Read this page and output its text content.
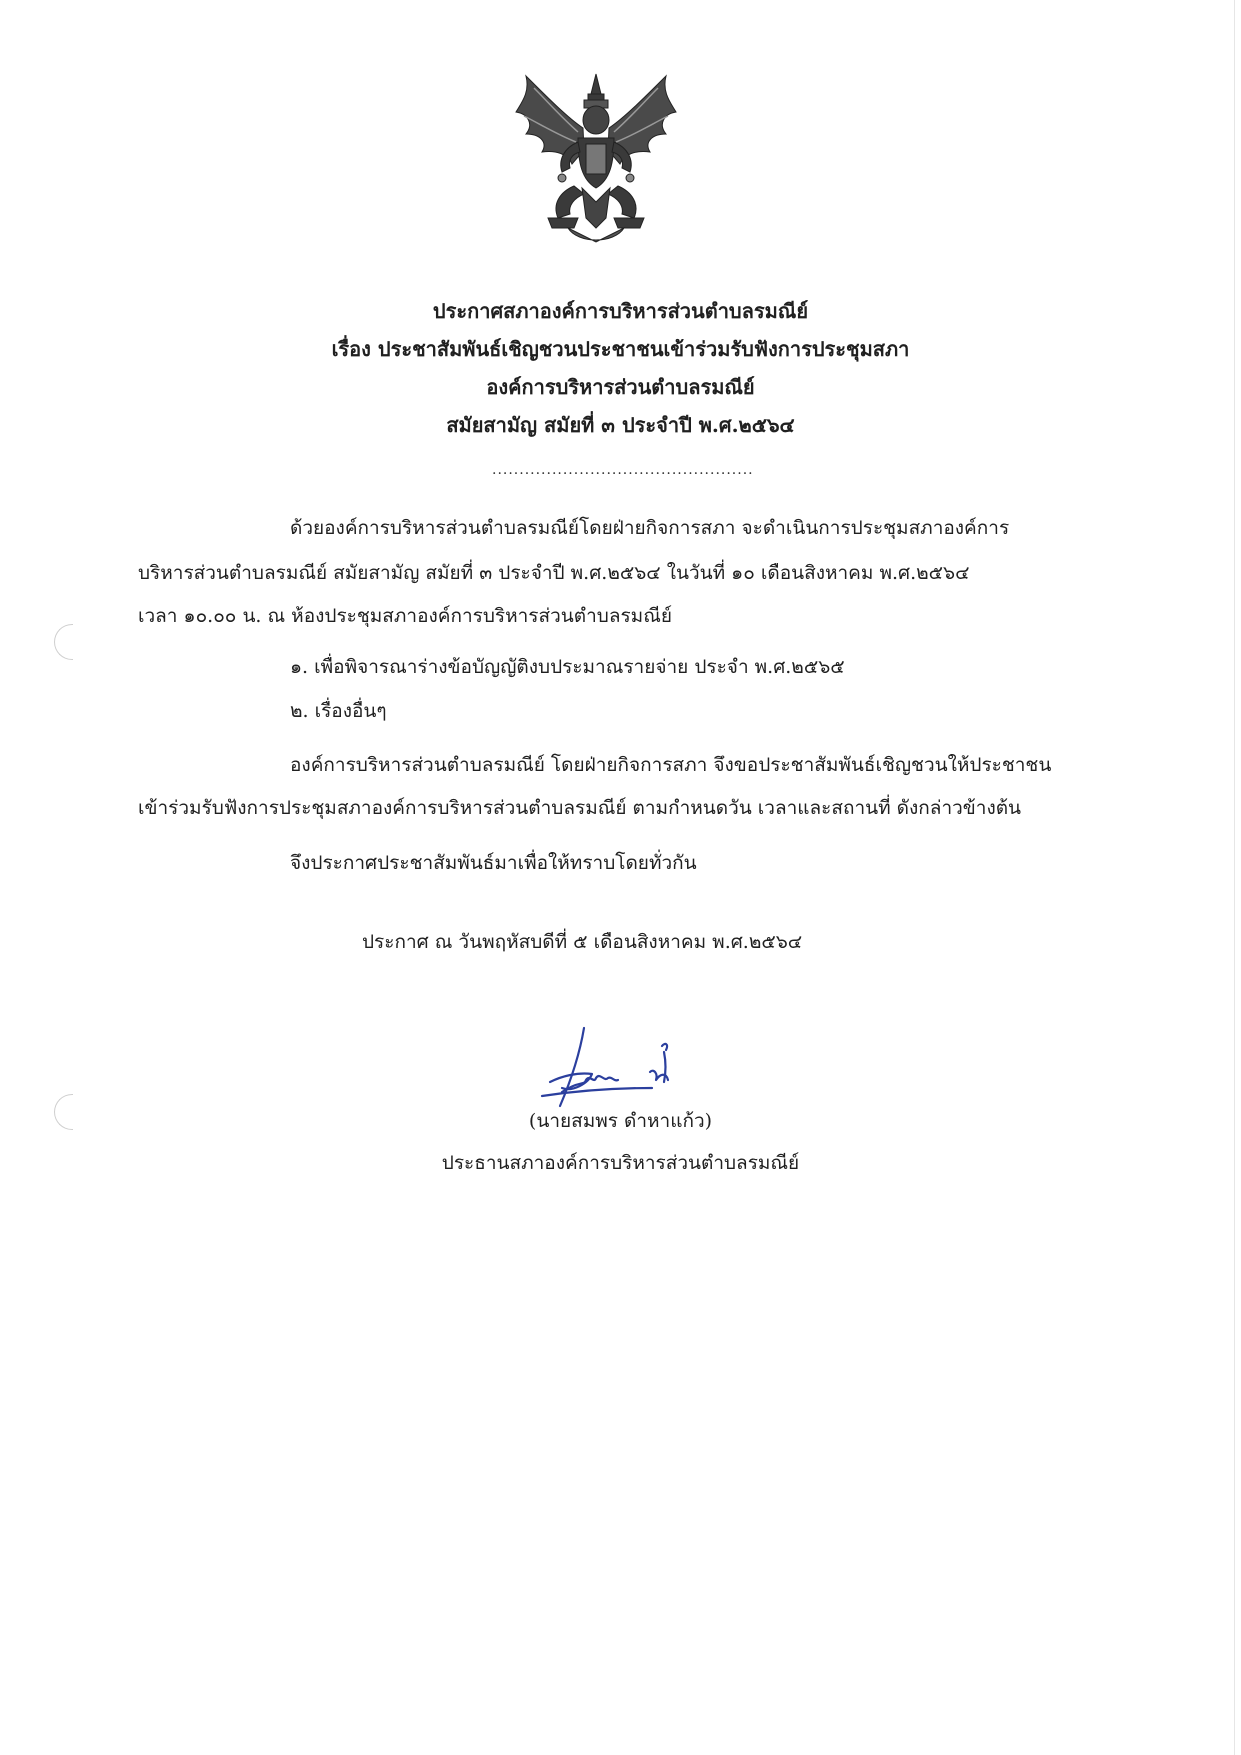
ประกาศสภาองค์การบริหารส่วนตำบลรมณีย์
เรื่อง ประชาสัมพันธ์เชิญชวนประชาชนเข้าร่วมรับฟังการประชุมสภา
องค์การบริหารส่วนตำบลรมณีย์
สมัยสามัญ สมัยที่ ๓ ประจำปี พ.ศ.๒๕๖๔
................................................
ด้วยองค์การบริหารส่วนตำบลรมณีย์โดยฝ่ายกิจการสภา จะดำเนินการประชุมสภาองค์การ
บริหารส่วนตำบลรมณีย์ สมัยสามัญ สมัยที่ ๓ ประจำปี พ.ศ.๒๕๖๔ ในวันที่ ๑๐ เดือนสิงหาคม พ.ศ.๒๕๖๔
เวลา ๑๐.๐๐ น. ณ ห้องประชุมสภาองค์การบริหารส่วนตำบลรมณีย์
๑. เพื่อพิจารณาร่างข้อบัญญัติงบประมาณรายจ่าย ประจำ พ.ศ.๒๕๖๕
๒. เรื่องอื่นๆ
องค์การบริหารส่วนตำบลรมณีย์ โดยฝ่ายกิจการสภา จึงขอประชาสัมพันธ์เชิญชวนให้ประชาชน
เข้าร่วมรับฟังการประชุมสภาองค์การบริหารส่วนตำบลรมณีย์ ตามกำหนดวัน เวลาและสถานที่ ดังกล่าวข้างต้น
จึงประกาศประชาสัมพันธ์มาเพื่อให้ทราบโดยทั่วกัน
ประกาศ ณ วันพฤหัสบดีที่ ๕ เดือนสิงหาคม พ.ศ.๒๕๖๔
(นายสมพร ดำหาแก้ว)
ประธานสภาองค์การบริหารส่วนตำบลรมณีย์
